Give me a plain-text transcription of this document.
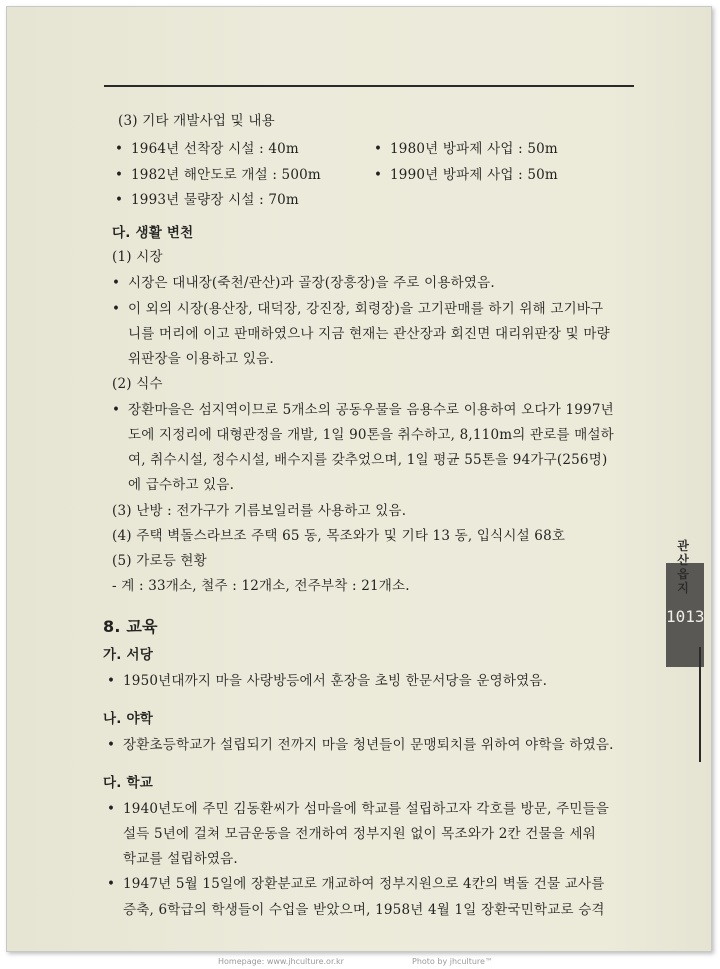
(3) 기타 개발사업 및 내용
• 1964년 선착장 시설 : 40m
• 1982년 해안도로 개설 : 500m
• 1993년 물량장 시설 : 70m
• 1980년 방파제 사업 : 50m
• 1990년 방파제 사업 : 50m
다. 생활 변천
(1) 시장
• 시장은 대내장(죽천/관산)과 골장(장흥장)을 주로 이용하였음.
• 이 외의 시장(용산장, 대덕장, 강진장, 회령장)을 고기판매를 하기 위해 고기바구
니를 머리에 이고 판매하였으나 지금 현재는 관산장과 회진면 대리위판장 및 마량
위판장을 이용하고 있음.
(2) 식수
• 장환마을은 섬지역이므로 5개소의 공동우물을 음용수로 이용하여 오다가 1997년
도에 지정리에 대형관정을 개발, 1일 90톤을 취수하고, 8,110m의 관로를 매설하
여, 취수시설, 정수시설, 배수지를 갖추었으며, 1일 평균 55톤을 94가구(256명)
에 급수하고 있음.
(3) 난방 : 전가구가 기름보일러를 사용하고 있음.
(4) 주택 벽돌스라브조 주택 65 동, 목조와가 및 기타 13 동, 입식시설 68호
(5) 가로등 현황
- 계 : 33개소, 철주 : 12개소, 전주부착 : 21개소.
8. 교육
가. 서당
• 1950년대까지 마을 사랑방등에서 훈장을 초빙 한문서당을 운영하였음.
나. 야학
• 장환초등학교가 설립되기 전까지 마을 청년들이 문맹퇴치를 위하여 야학을 하였음.
다. 학교
• 1940년도에 주민 김동환씨가 섬마을에 학교를 설립하고자 각호를 방문, 주민들을
설득 5년에 걸쳐 모금운동을 전개하여 정부지원 없이 목조와가 2칸 건물을 세워
학교를 설립하였음.
• 1947년 5월 15일에 장환분교로 개교하여 정부지원으로 4칸의 벽돌 건물 교사를
증축, 6학급의 학생들이 수업을 받았으며, 1958년 4월 1일 장환국민학교로 승격
관산읍지
1013
Homepage: www.jhculture.or.kr	Photo by jhculture™
